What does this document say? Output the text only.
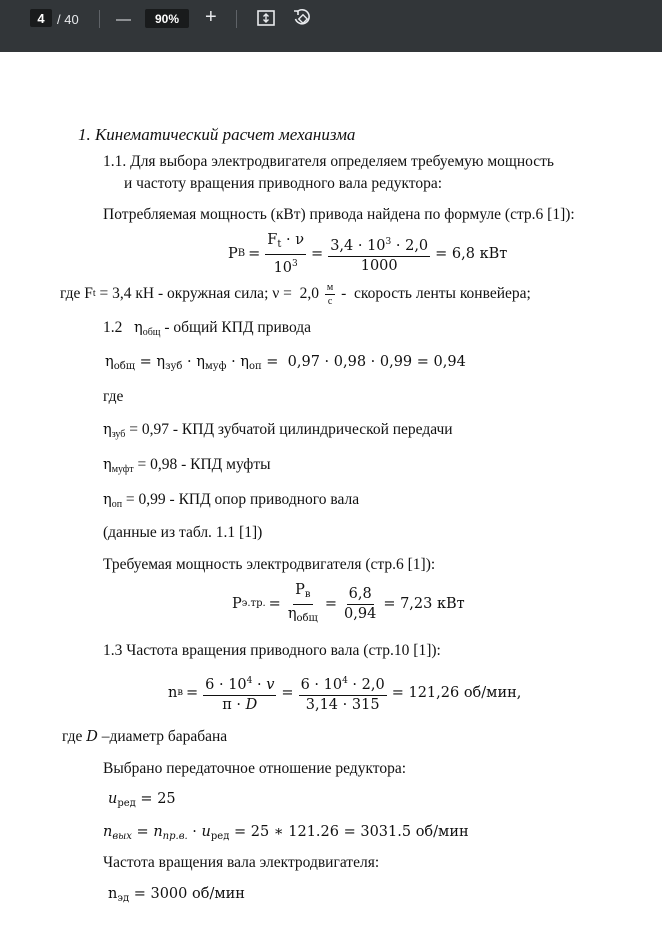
4 / 40 —	90%	+
1. Кинематический расчет механизма
1.1. Для выбора электродвигателя определяем требуемую мощность
и частоту вращения приводного вала редуктора:
Потребляемая мощность (кВт) привода найдена по формуле (стр.6 [1]):
P $В = \frac{F_t \cdot \nu}{10^3} = \frac{3,4 \cdot 10^3 \cdot 2,0}{1000} = 6,8$ кВт
где F t = 3,4 кН - окружная сила; $\nu = 2,0 \frac{м}{с}$ -  скорость ленты конвейера;
1.2   $\eta_{общ}$ - общий КПД привода
$\eta_{общ} = \eta_{зуб} \cdot \eta_{муф} \cdot \eta_{оп} = 0,97 \cdot 0,98 \cdot 0,99 = 0,94$
где
$\eta_{зуб} = 0,97$ - КПД зубчатой цилиндрической передачи
$\eta_{муфт} = 0,98$ - КПД муфты
$\eta_{оп} = 0,99$ - КПД опор приводного вала
(данные из табл. 1.1 [1])
Требуемая мощность электродвигателя (стр.6 [1]):
P э.тр. = $\frac{P_в}{\eta_{общ}} = \frac{6,8}{0,94} = 7,23$ кВт
1.3 Частота вращения приводного вала (стр.10 [1]):
n $в = \frac{6 \cdot 10^4 \cdot v}{\pi \cdot D} = \frac{6 \cdot 10^4 \cdot 2,0}{3,14 \cdot 315} = 121,26$ об/мин,
где D –диаметр барабана
Выбрано передаточное отношение редуктора:
$u_{ред} = 25$
$n_{вых} = n_{пр.в.} \cdot u_{ред} = 25$ ∗ 121.26 = 3031.5 об/мин
Частота вращения вала электродвигателя:
$n_{эд} = 3000$ об/мин
